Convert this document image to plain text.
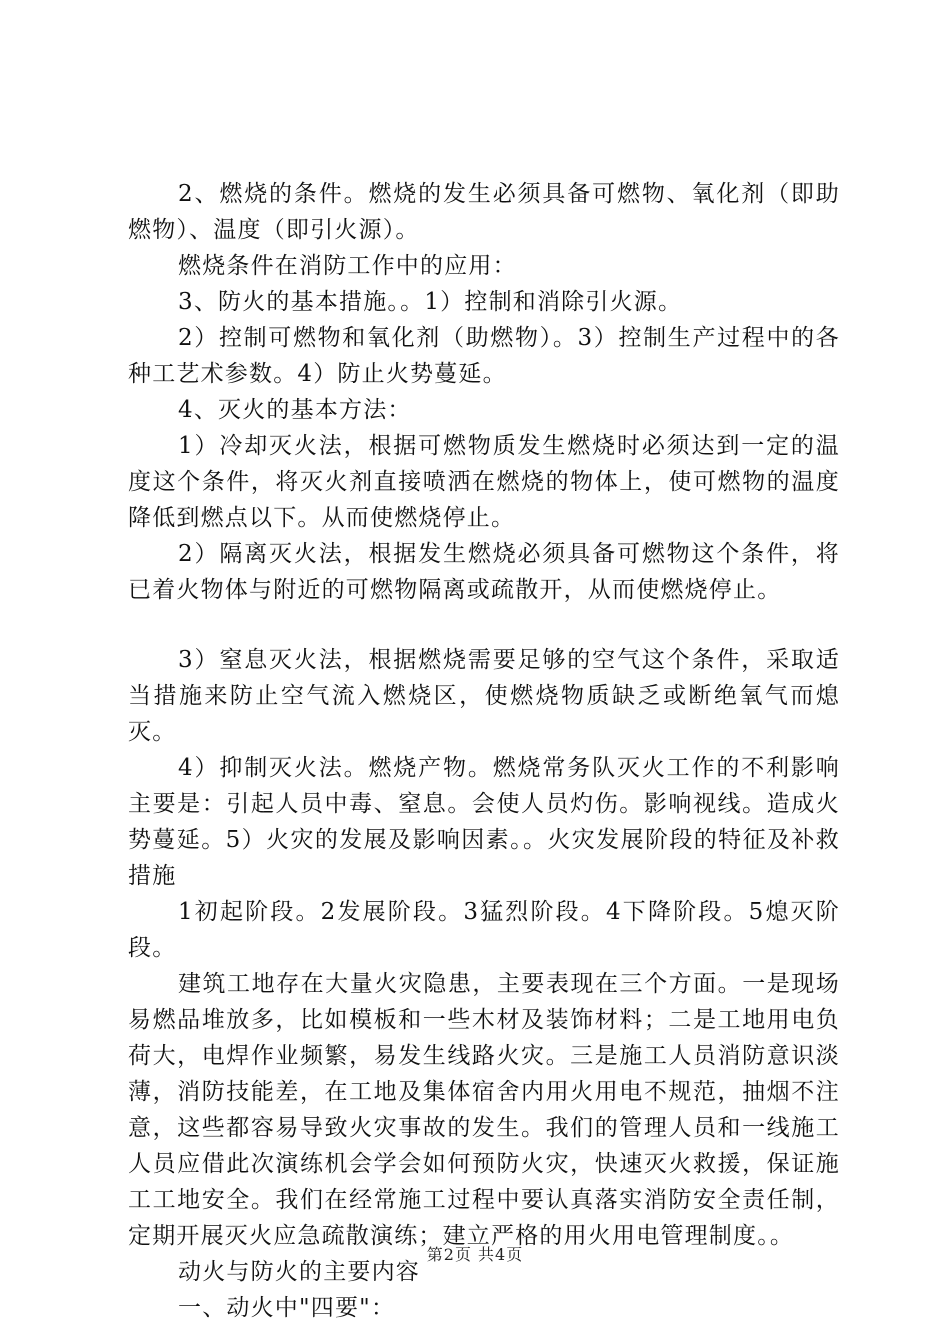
2、燃烧的条件。燃烧的发生必须具备可燃物、氧化剂（即助燃物）、温度（即引火源）。

燃烧条件在消防工作中的应用：

3、防火的基本措施。。1）控制和消除引火源。

2）控制可燃物和氧化剂（助燃物）。3）控制生产过程中的各种工艺术参数。4）防止火势蔓延。

4、灭火的基本方法：

1）冷却灭火法，根据可燃物质发生燃烧时必须达到一定的温度这个条件，将灭火剂直接喷洒在燃烧的物体上，使可燃物的温度降低到燃点以下。从而使燃烧停止。

2）隔离灭火法，根据发生燃烧必须具备可燃物这个条件，将已着火物体与附近的可燃物隔离或疏散开，从而使燃烧停止。

3）窒息灭火法，根据燃烧需要足够的空气这个条件，采取适当措施来防止空气流入燃烧区，使燃烧物质缺乏或断绝氧气而熄灭。

4）抑制灭火法。燃烧产物。燃烧常务队灭火工作的不利影响主要是：引起人员中毒、窒息。会使人员灼伤。影响视线。造成火势蔓延。5）火灾的发展及影响因素。。火灾发展阶段的特征及补救措施

1初起阶段。2发展阶段。3猛烈阶段。4下降阶段。5熄灭阶段。

建筑工地存在大量火灾隐患，主要表现在三个方面。一是现场易燃品堆放多，比如模板和一些木材及装饰材料；二是工地用电负荷大，电焊作业频繁，易发生线路火灾。三是施工人员消防意识淡薄，消防技能差，在工地及集体宿舍内用火用电不规范，抽烟不注意，这些都容易导致火灾事故的发生。我们的管理人员和一线施工人员应借此次演练机会学会如何预防火灾，快速灭火救援，保证施工工地安全。我们在经常施工过程中要认真落实消防安全责任制，定期开展灭火应急疏散演练；建立严格的用火用电管理制度。。

动火与防火的主要内容

一、动火中"四要"：

第2页 共4页
